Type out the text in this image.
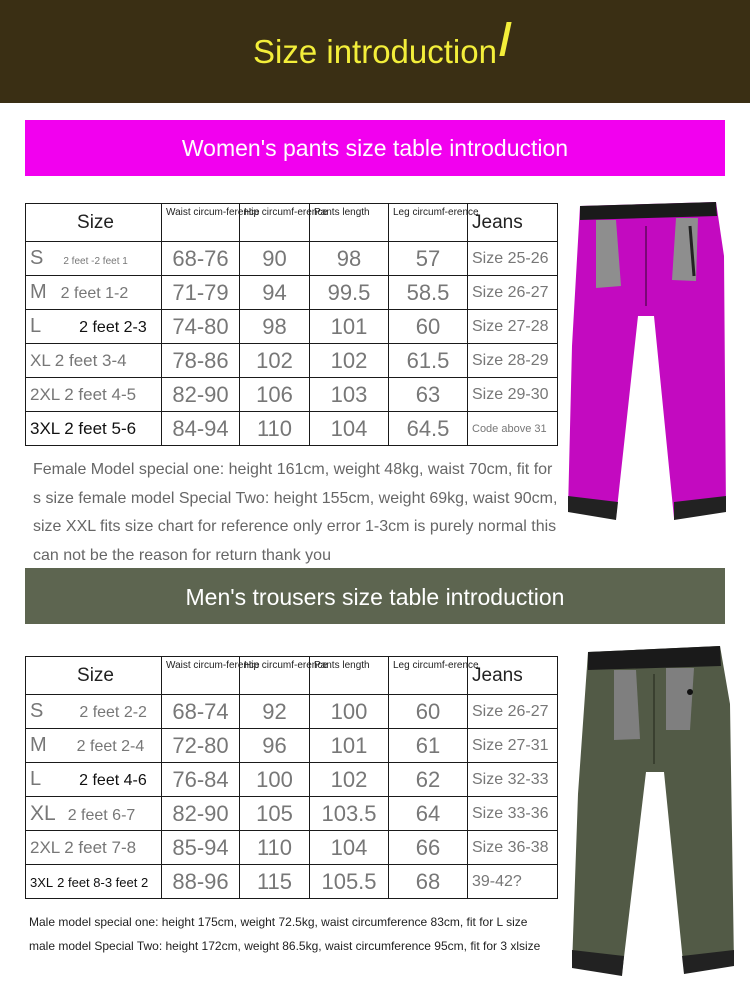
Size introduction
Women's pants size table introduction
Size	Waist circum-ference	Hip circumf-erence	Pants length	Leg circumf-erence	Jeans
S 2 feet -2 feet 1	68-76	90	98	57	Size 25-26
M 2 feet 1-2	71-79	94	99.5	58.5	Size 26-27
L 2 feet 2-3	74-80	98	101	60	Size 27-28
XL 2 feet 3-4	78-86	102	102	61.5	Size 28-29
2XL 2 feet 4-5	82-90	106	103	63	Size 29-30
3XL 2 feet 5-6	84-94	110	104	64.5	Code above 31
Female Model special one: height 161cm, weight 48kg, waist 70cm, fit for s size female model Special Two: height 155cm, weight 69kg, waist 90cm, size XXL fits size chart for reference only error 1-3cm is purely normal this can not be the reason for return thank you
Men's trousers size table introduction
Size	Waist circum-ference	Hip circumf-erence	Pants length	Leg circumf-erence	Jeans
S 2 feet 2-2	68-74	92	100	60	Size 26-27
M 2 feet 2-4	72-80	96	101	61	Size 27-31
L 2 feet 4-6	76-84	100	102	62	Size 32-33
XL 2 feet 6-7	82-90	105	103.5	64	Size 33-36
2XL 2 feet 7-8	85-94	110	104	66	Size 36-38
3XL 2 feet 8-3 feet 2	88-96	115	105.5	68	39-42?
Male model special one: height 175cm, weight 72.5kg, waist circumference 83cm, fit for L size
male model Special Two: height 172cm, weight 86.5kg, waist circumference 95cm, fit for 3 xlsize
